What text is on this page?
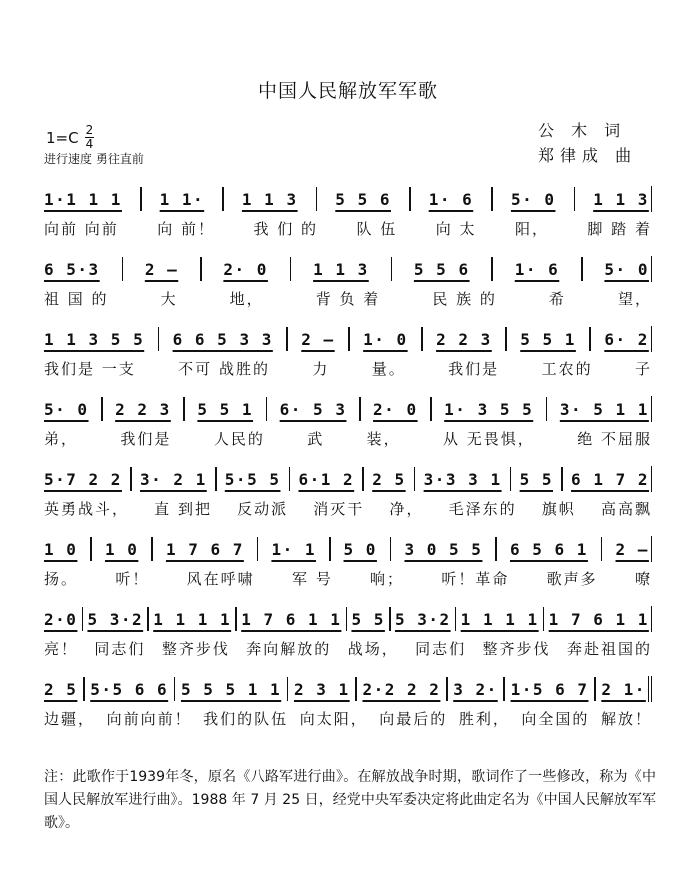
中国人民解放军军歌
$1=C \frac{2}{4}$
进行速度 勇往直前
公 木 词
郑律成 曲
1·1 1 1 1 1· 1 1 3 5 5 6 1· 6 5· 0 1 1 3
向前 向前	向 前！	我 们 的	队 伍	向 太	阳，	脚 踏 着
6 5·3	2 –	2· 0	1 1 3	5 5 6	1· 6	5· 0
祖 国 的	大	地，	背 负 着	民 族 的	希	望，
1 1 3 5 5 6 6 5 3 3 2 – 1· 0 2 2 3 5 5 1 6· 2
我们是 一支	不可 战胜的	力	量。	我们是	工农的	子
5· 0 2 2 3 5 5 1 6· 5 3 2· 0 1· 3 5 5 3· 5 1 1
弟，	我们是	人民的	武	装，	从 无畏惧，	绝 不屈服
5·7 2 2 3· 2 1 5·5 5 6·1 2 2 5 3·3 3 1 5 5 6 1 7 2
英勇战斗， 直 到把 反动派 消灭干 净， 毛泽东的 旗帜 高高飘
1 0 1 0 1 7 6 7 1· 1 5 0 3 0 5 5 6 5 6 1 2 –
扬。 听！ 风在呼啸 军 号 响； 听！革命 歌声多 嘹
2·0 5 3·2 1 1 1 1 1 7 6 1 1 5 5 5 3·2 1 1 1 1 1 7 6 1 1
亮！ 同志们 整齐步伐 奔向解放的 战场， 同志们 整齐步伐 奔赴祖国的
2 5 5·5 6 6 5 5 5 1 1 2 3 1 2·2 2 2 3 2· 1·5 6 7 2 1·
边疆， 向前向前！ 我们的队伍 向太阳， 向最后的 胜利， 向全国的 解放！
注：此歌作于1939年冬，原名《八路军进行曲》。在解放战争时期，歌词作了一些修改，称为《中国人民解放军进行曲》。1988 年 7 月 25 日，经党中央军委决定将此曲定名为《中国人民解放军军歌》。
